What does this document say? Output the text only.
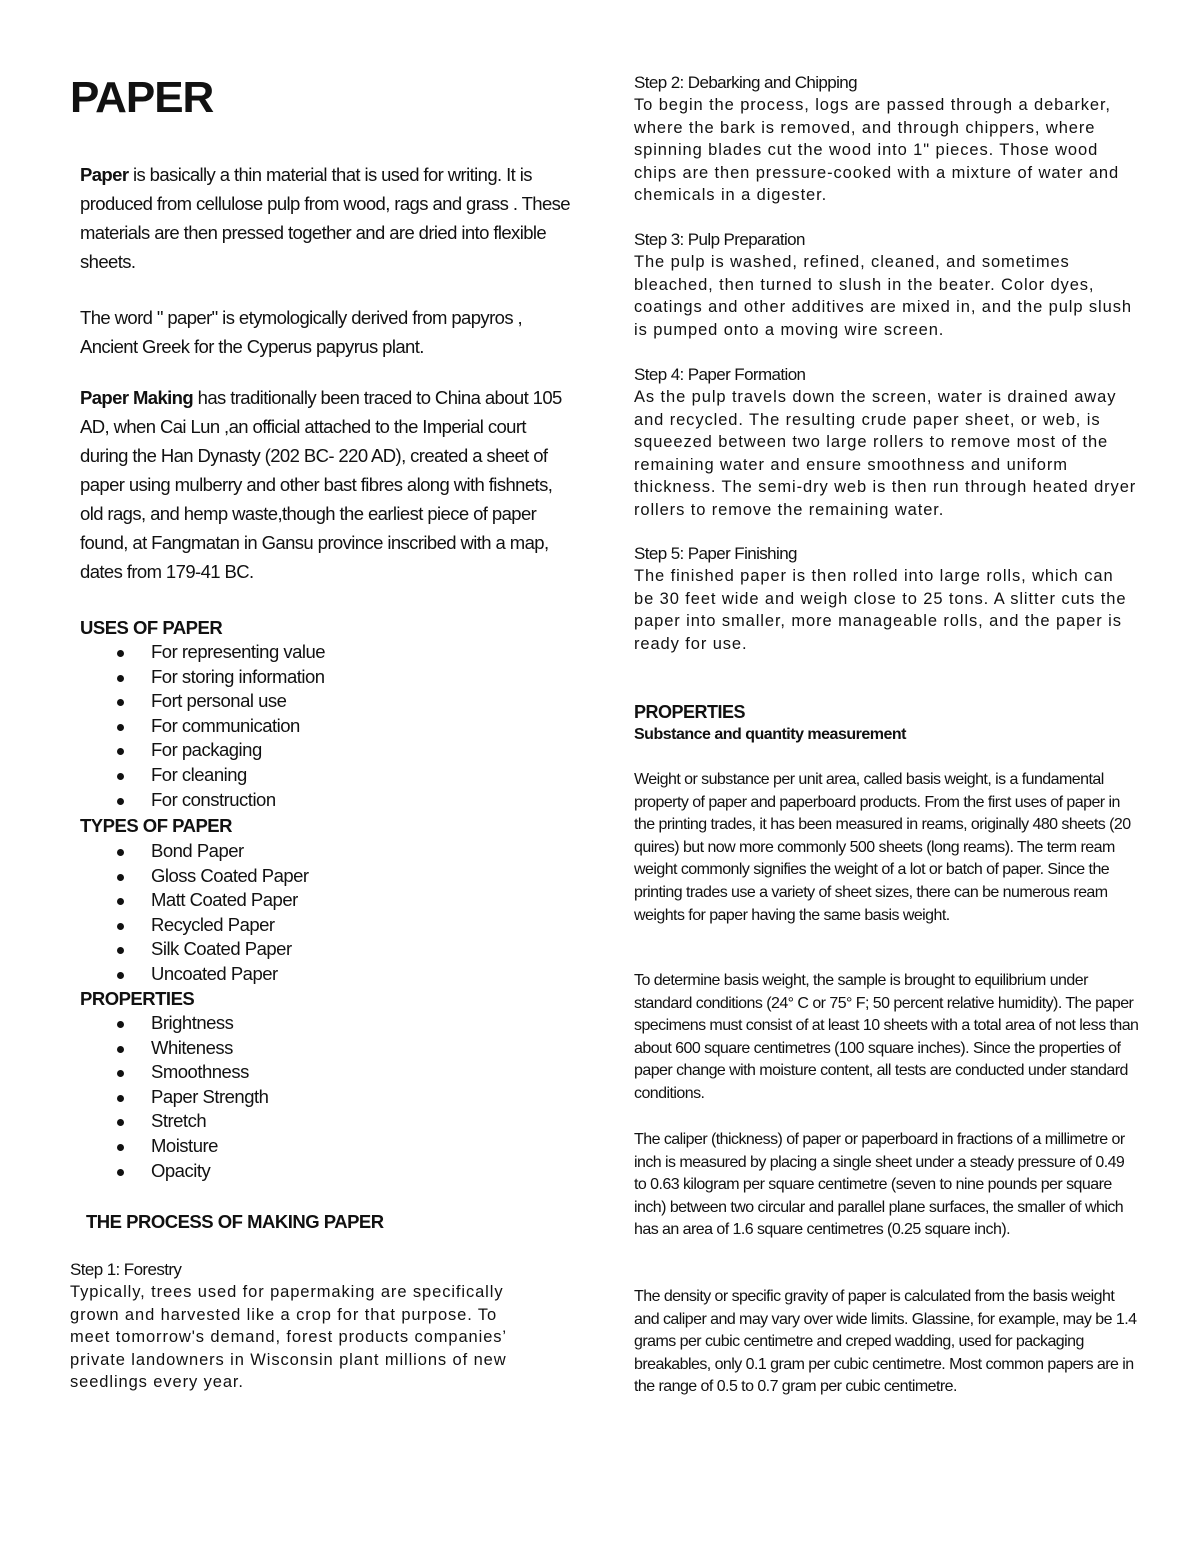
PAPER

Paper is basically a thin material that is used for writing. It is produced from cellulose pulp from wood, rags and grass . These materials are then pressed together and are dried into flexible sheets.

The word " paper" is etymologically derived from papyros , Ancient Greek for the Cyperus papyrus plant.

Paper Making has traditionally been traced to China about 105 AD, when Cai Lun ,an official attached to the Imperial court during the Han Dynasty (202 BC- 220 AD), created a sheet of paper using mulberry and other bast fibres along with fishnets, old rags, and hemp waste,though the earliest piece of paper found, at Fangmatan in Gansu province inscribed with a map, dates from 179-41 BC.

USES OF PAPER
For representing value
For storing information
Fort personal use
For communication
For packaging
For cleaning
For construction
TYPES OF PAPER
Bond Paper
Gloss Coated Paper
Matt Coated Paper
Recycled Paper
Silk Coated Paper
Uncoated Paper
PROPERTIES
Brightness
Whiteness
Smoothness
Paper Strength
Stretch
Moisture
Opacity
THE PROCESS OF MAKING PAPER

Step 1: Forestry

Typically, trees used for papermaking are specifically grown and harvested like a crop for that purpose. To meet tomorrow's demand, forest products companies’ private landowners in Wisconsin plant millions of new seedlings every year.

Step 2: Debarking and Chipping

To begin the process, logs are passed through a debarker, where the bark is removed, and through chippers, where spinning blades cut the wood into 1" pieces. Those wood chips are then pressure-cooked with a mixture of water and chemicals in a digester.

Step 3: Pulp Preparation

The pulp is washed, refined, cleaned, and sometimes bleached, then turned to slush in the beater. Color dyes, coatings and other additives are mixed in, and the pulp slush is pumped onto a moving wire screen.

Step 4: Paper Formation

As the pulp travels down the screen, water is drained away and recycled. The resulting crude paper sheet, or web, is squeezed between two large rollers to remove most of the remaining water and ensure smoothness and uniform thickness. The semi-dry web is then run through heated dryer rollers to remove the remaining water.

Step 5: Paper Finishing

The finished paper is then rolled into large rolls, which can be 30 feet wide and weigh close to 25 tons. A slitter cuts the paper into smaller, more manageable rolls, and the paper is ready for use.

PROPERTIES
Substance and quantity measurement

Weight or substance per unit area, called basis weight, is a fundamental property of paper and paperboard products. From the first uses of paper in the printing trades, it has been measured in reams, originally 480 sheets (20 quires) but now more commonly 500 sheets (long reams). The term ream weight commonly signifies the weight of a lot or batch of paper. Since the printing trades use a variety of sheet sizes, there can be numerous ream weights for paper having the same basis weight.

To determine basis weight, the sample is brought to equilibrium under standard conditions (24° C or 75° F; 50 percent relative humidity). The paper specimens must consist of at least 10 sheets with a total area of not less than about 600 square centimetres (100 square inches). Since the properties of paper change with moisture content, all tests are conducted under standard conditions.

The caliper (thickness) of paper or paperboard in fractions of a millimetre or inch is measured by placing a single sheet under a steady pressure of 0.49 to 0.63 kilogram per square centimetre (seven to nine pounds per square inch) between two circular and parallel plane surfaces, the smaller of which has an area of 1.6 square centimetres (0.25 square inch).

The density or specific gravity of paper is calculated from the basis weight and caliper and may vary over wide limits. Glassine, for example, may be 1.4 grams per cubic centimetre and creped wadding, used for packaging breakables, only 0.1 gram per cubic centimetre. Most common papers are in the range of 0.5 to 0.7 gram per cubic centimetre.
